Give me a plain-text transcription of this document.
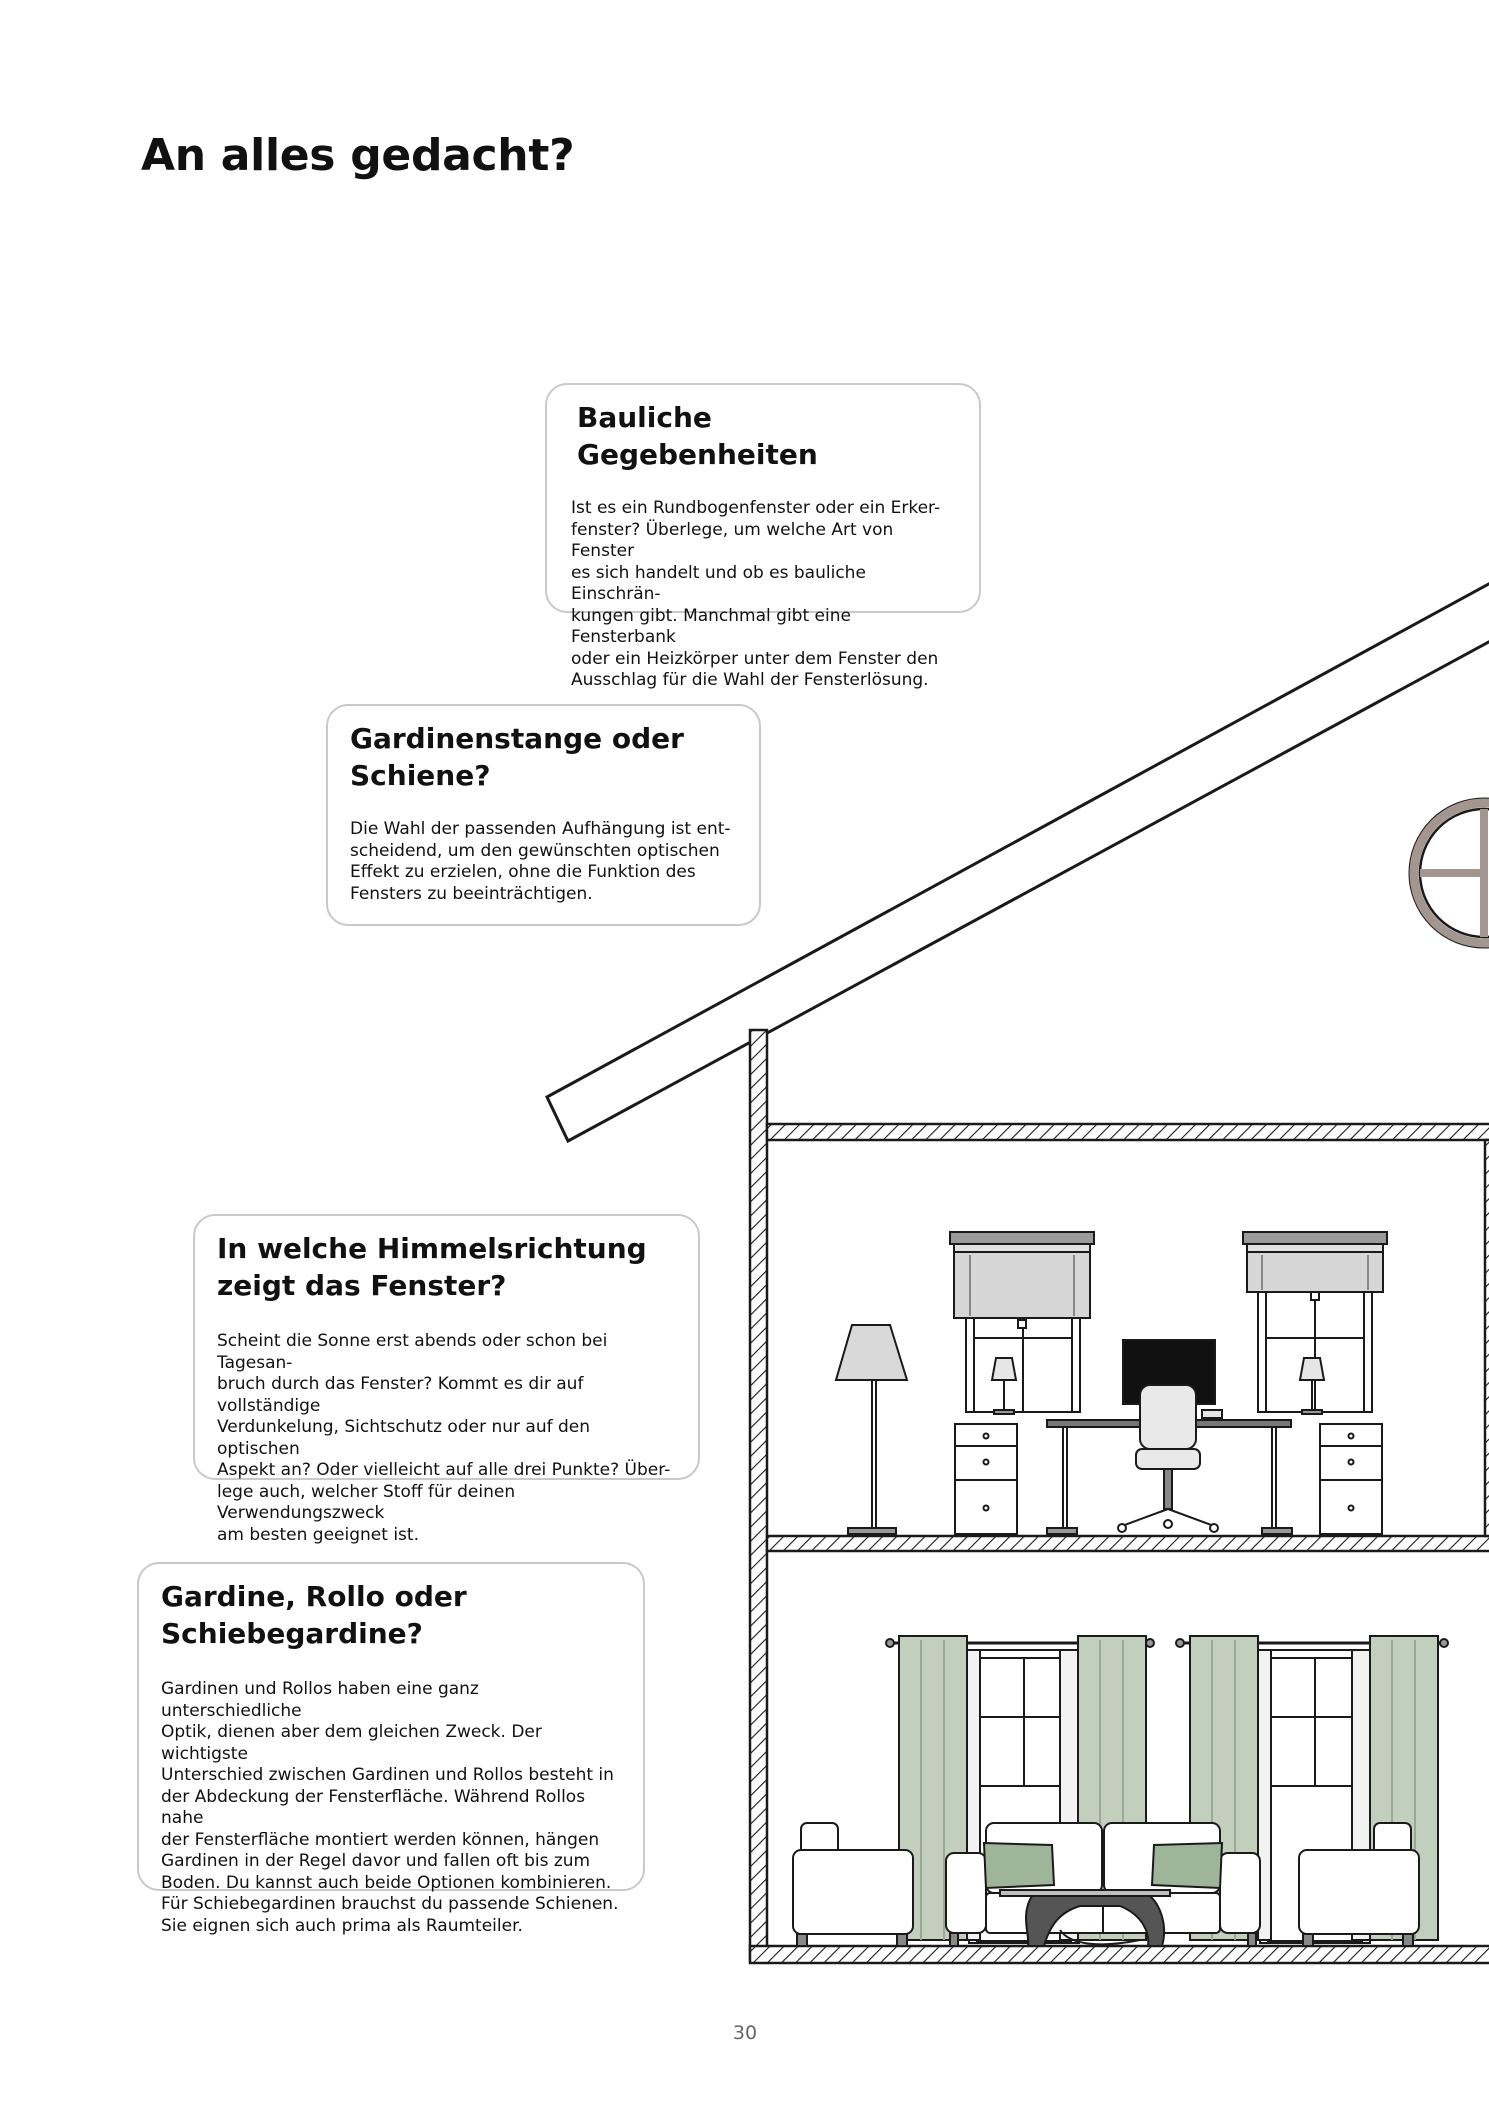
An alles gedacht?
Bauliche Gegebenheiten

Ist es ein Rundbogenfenster oder ein Erker-
fenster? Überlege, um welche Art von Fenster
es sich handelt und ob es bauliche Einschrän-
kungen gibt. Manchmal gibt eine Fensterbank
oder ein Heizkörper unter dem Fenster den
Ausschlag für die Wahl der Fensterlösung.

Gardinenstange oder
Schiene?

Die Wahl der passenden Aufhängung ist ent-
scheidend, um den gewünschten optischen
Effekt zu erzielen, ohne die Funktion des
Fensters zu beeinträchtigen.

In welche Himmelsrichtung
zeigt das Fenster?

Scheint die Sonne erst abends oder schon bei Tagesan-
bruch durch das Fenster? Kommt es dir auf vollständige
Verdunkelung, Sichtschutz oder nur auf den optischen
Aspekt an? Oder vielleicht auf alle drei Punkte? Über-
lege auch, welcher Stoff für deinen Verwendungszweck
am besten geeignet ist.

Gardine, Rollo oder
Schiebegardine?

Gardinen und Rollos haben eine ganz unterschiedliche
Optik, dienen aber dem gleichen Zweck. Der wichtigste
Unterschied zwischen Gardinen und Rollos besteht in
der Abdeckung der Fensterfläche. Während Rollos nahe
der Fensterfläche montiert werden können, hängen
Gardinen in der Regel davor und fallen oft bis zum
Boden. Du kannst auch beide Optionen kombinieren.
Für Schiebegardinen brauchst du passende Schienen.
Sie eignen sich auch prima als Raumteiler.

30
